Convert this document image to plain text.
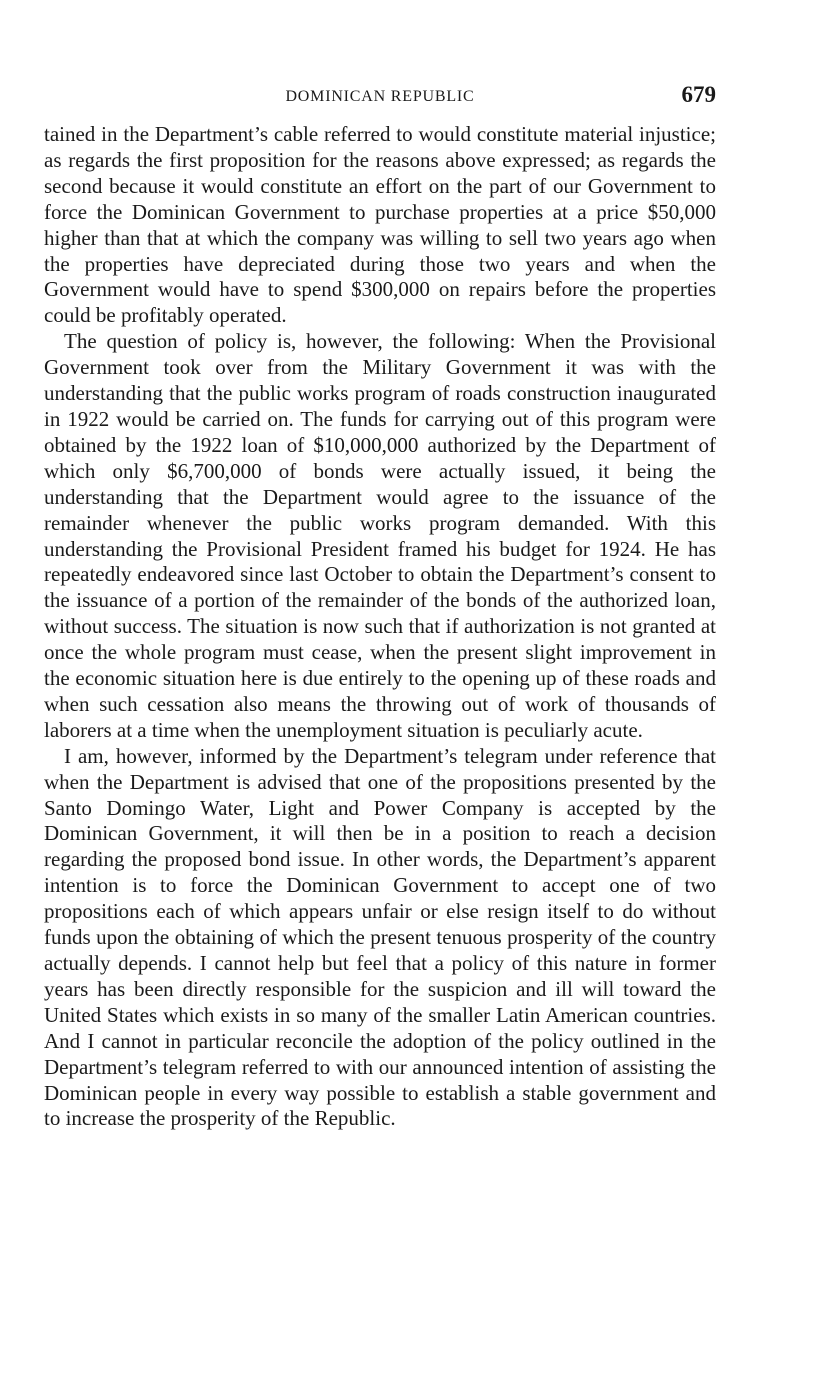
DOMINICAN REPUBLIC	679

tained in the Department’s cable referred to would constitute material injustice; as regards the first proposition for the reasons above expressed; as regards the second because it would constitute an effort on the part of our Government to force the Dominican Government to purchase properties at a price $50,000 higher than that at which the company was willing to sell two years ago when the properties have depreciated during those two years and when the Government would have to spend $300,000 on repairs before the properties could be profitably operated.

The question of policy is, however, the following: When the Provisional Government took over from the Military Government it was with the understanding that the public works program of roads construction inaugurated in 1922 would be carried on. The funds for carrying out of this program were obtained by the 1922 loan of $10,000,000 authorized by the Department of which only $6,700,000 of bonds were actually issued, it being the understanding that the Department would agree to the issuance of the remainder whenever the public works program demanded. With this understanding the Provisional President framed his budget for 1924. He has repeatedly endeavored since last October to obtain the Department’s consent to the issuance of a portion of the remainder of the bonds of the authorized loan, without success. The situation is now such that if authorization is not granted at once the whole program must cease, when the present slight improvement in the economic situation here is due entirely to the opening up of these roads and when such cessation also means the throwing out of work of thousands of laborers at a time when the unemployment situation is peculiarly acute.

I am, however, informed by the Department’s telegram under reference that when the Department is advised that one of the propositions presented by the Santo Domingo Water, Light and Power Company is accepted by the Dominican Government, it will then be in a position to reach a decision regarding the proposed bond issue. In other words, the Department’s apparent intention is to force the Dominican Government to accept one of two propositions each of which appears unfair or else resign itself to do without funds upon the obtaining of which the present tenuous prosperity of the country actually depends. I cannot help but feel that a policy of this nature in former years has been directly responsible for the suspicion and ill will toward the United States which exists in so many of the smaller Latin American countries. And I cannot in particular reconcile the adoption of the policy outlined in the Department’s telegram referred to with our announced intention of assisting the Dominican people in every way possible to establish a stable government and to increase the prosperity of the Republic.
